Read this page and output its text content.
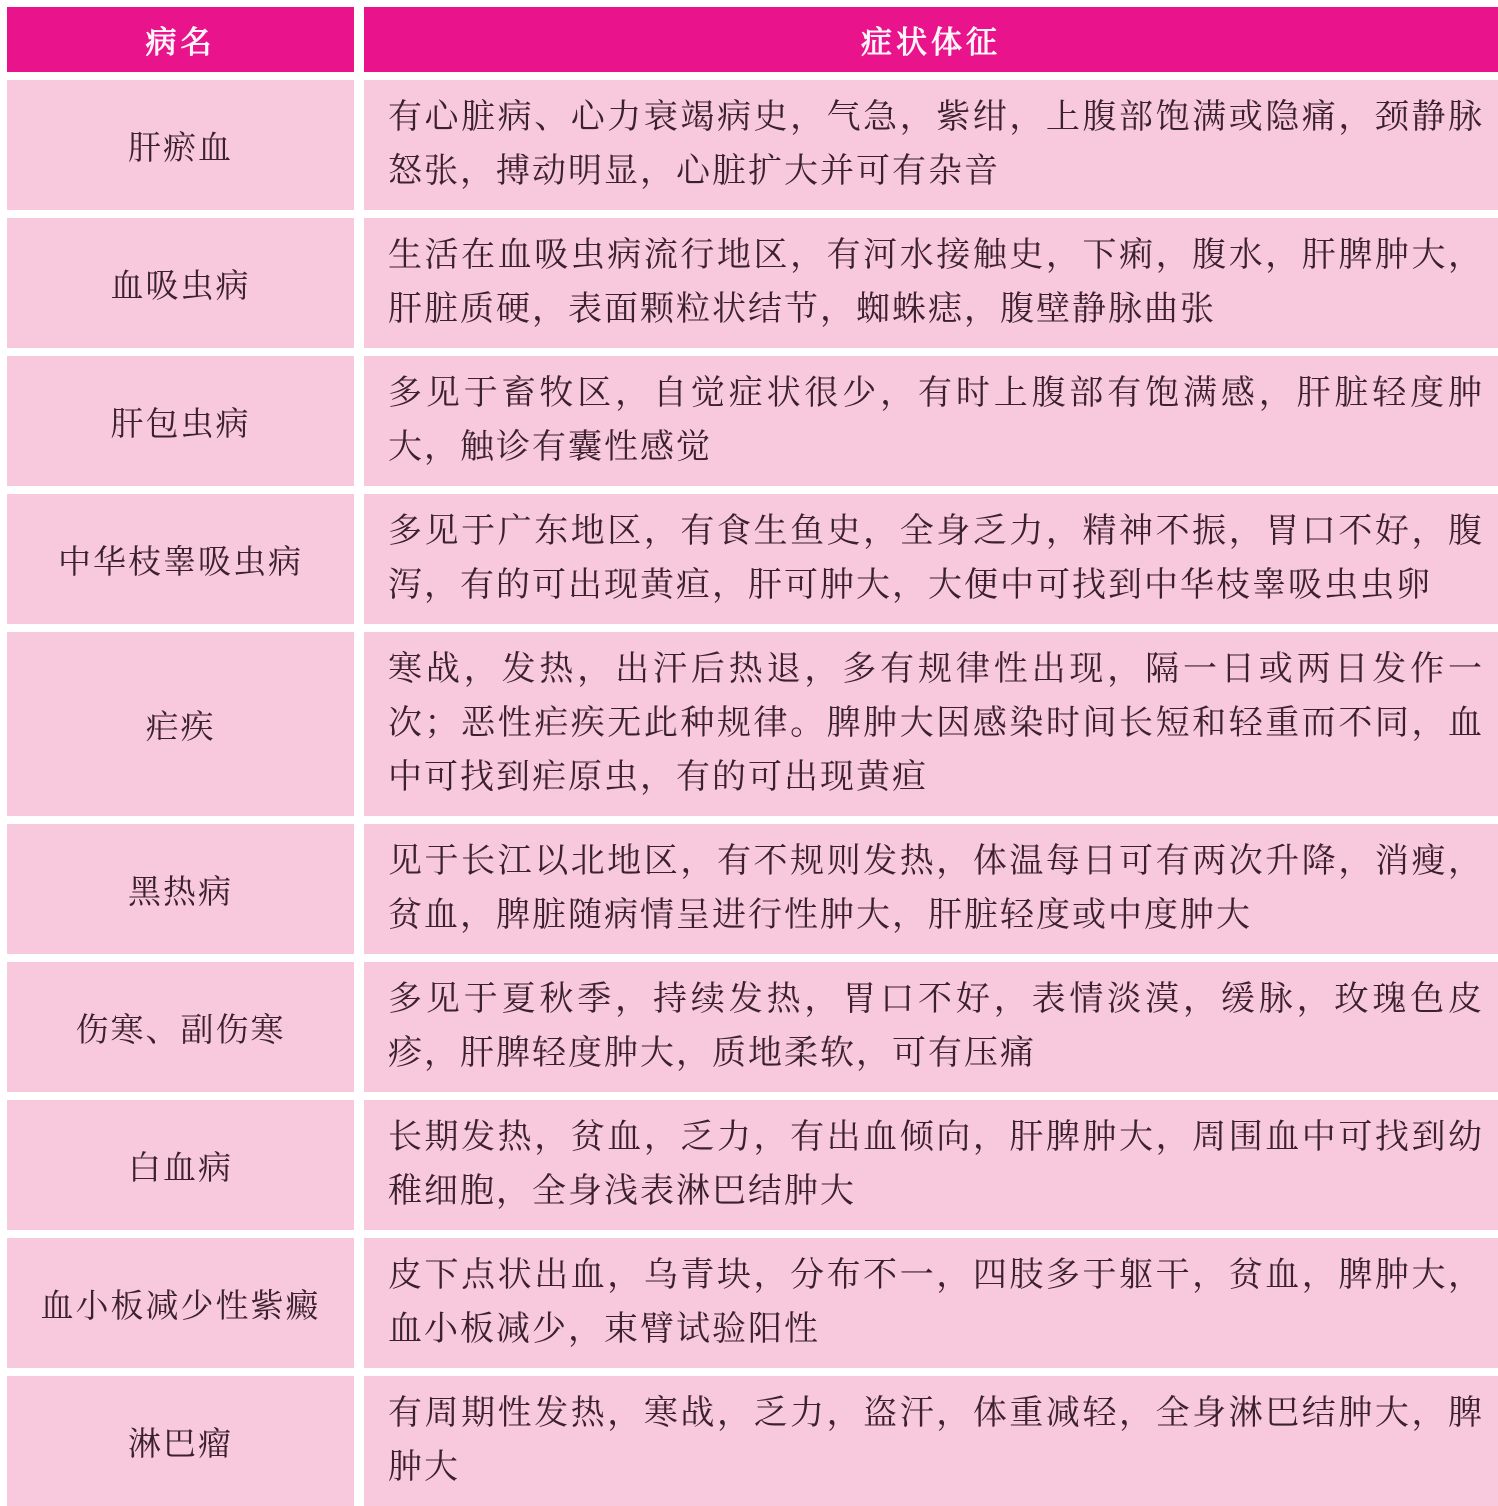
病名	症状体征
肝瘀血
有心脏病、心力衰竭病史，气急，紫绀，上腹部饱满或隐痛，颈静脉怒张，搏动明显，心脏扩大并可有杂音
血吸虫病
生活在血吸虫病流行地区，有河水接触史，下痢，腹水，肝脾肿大，肝脏质硬，表面颗粒状结节，蜘蛛痣，腹壁静脉曲张
肝包虫病
多见于畜牧区，自觉症状很少，有时上腹部有饱满感，肝脏轻度肿大，触诊有囊性感觉
中华枝睾吸虫病
多见于广东地区，有食生鱼史，全身乏力，精神不振，胃口不好，腹泻，有的可出现黄疸，肝可肿大，大便中可找到中华枝睾吸虫虫卵
疟疾
寒战，发热，出汗后热退，多有规律性出现，隔一日或两日发作一次；恶性疟疾无此种规律。脾肿大因感染时间长短和轻重而不同，血中可找到疟原虫，有的可出现黄疸
黑热病
见于长江以北地区，有不规则发热，体温每日可有两次升降，消瘦，贫血，脾脏随病情呈进行性肿大，肝脏轻度或中度肿大
伤寒、副伤寒
多见于夏秋季，持续发热，胃口不好，表情淡漠，缓脉，玫瑰色皮疹，肝脾轻度肿大，质地柔软，可有压痛
白血病
长期发热，贫血，乏力，有出血倾向，肝脾肿大，周围血中可找到幼稚细胞，全身浅表淋巴结肿大
血小板减少性紫癜
皮下点状出血，乌青块，分布不一，四肢多于躯干，贫血，脾肿大，血小板减少，束臂试验阳性
淋巴瘤
有周期性发热，寒战，乏力，盗汗，体重减轻，全身淋巴结肿大，脾肿大
